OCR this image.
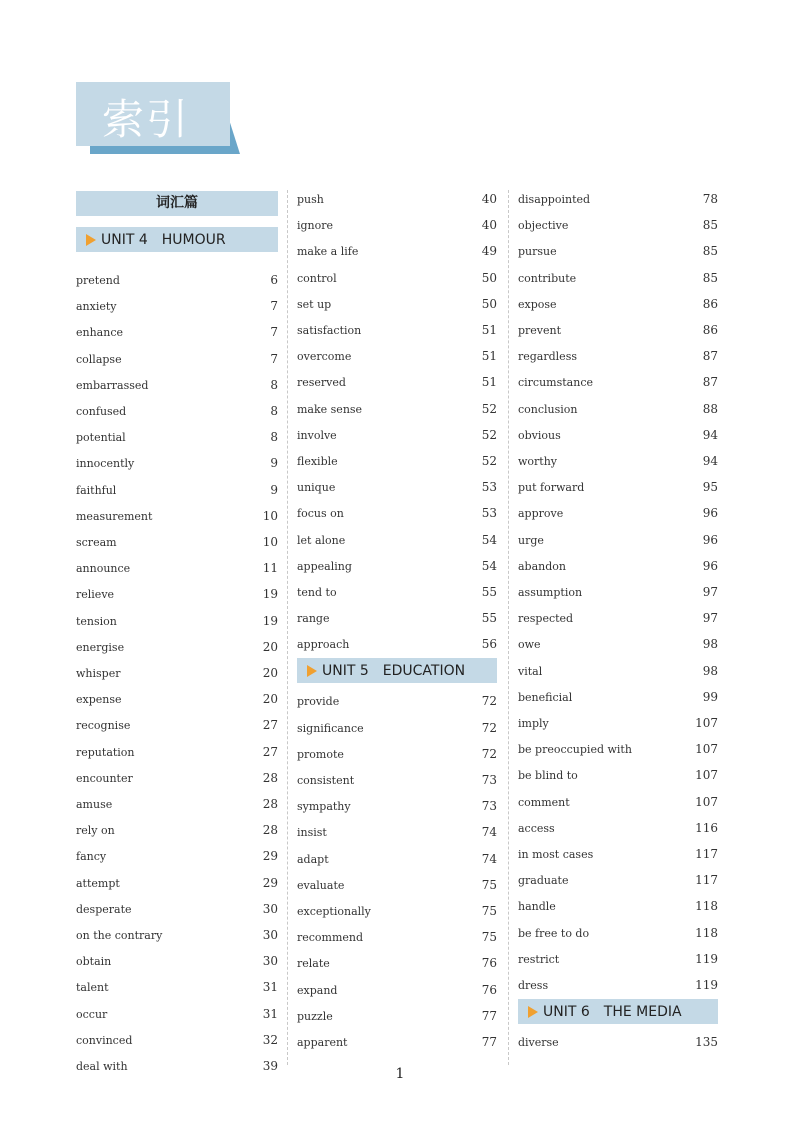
索引
词汇篇
UNIT 4 HUMOUR
pretend	6
anxiety	7
enhance	7
collapse	7
embarrassed	8
confused	8
potential	8
innocently	9
faithful	9
measurement	10
scream	10
announce	11
relieve	19
tension	19
energise	20
whisper	20
expense	20
recognise	27
reputation	27
encounter	28
amuse	28
rely on	28
fancy	29
attempt	29
desperate	30
on the contrary	30
obtain	30
talent	31
occur	31
convinced	32
deal with	39
push	40
ignore	40
make a life	49
control	50
set up	50
satisfaction	51
overcome	51
reserved	51
make sense	52
involve	52
flexible	52
unique	53
focus on	53
let alone	54
appealing	54
tend to	55
range	55
approach	56
UNIT 5 EDUCATION
provide	72
significance	72
promote	72
consistent	73
sympathy	73
insist	74
adapt	74
evaluate	75
exceptionally	75
recommend	75
relate	76
expand	76
puzzle	77
apparent	77
disappointed	78
objective	85
pursue	85
contribute	85
expose	86
prevent	86
regardless	87
circumstance	87
conclusion	88
obvious	94
worthy	94
put forward	95
approve	96
urge	96
abandon	96
assumption	97
respected	97
owe	98
vital	98
beneficial	99
imply	107
be preoccupied with	107
be blind to	107
comment	107
access	116
in most cases	117
graduate	117
handle	118
be free to do	118
restrict	119
dress	119
UNIT 6 THE MEDIA
diverse	135
1
